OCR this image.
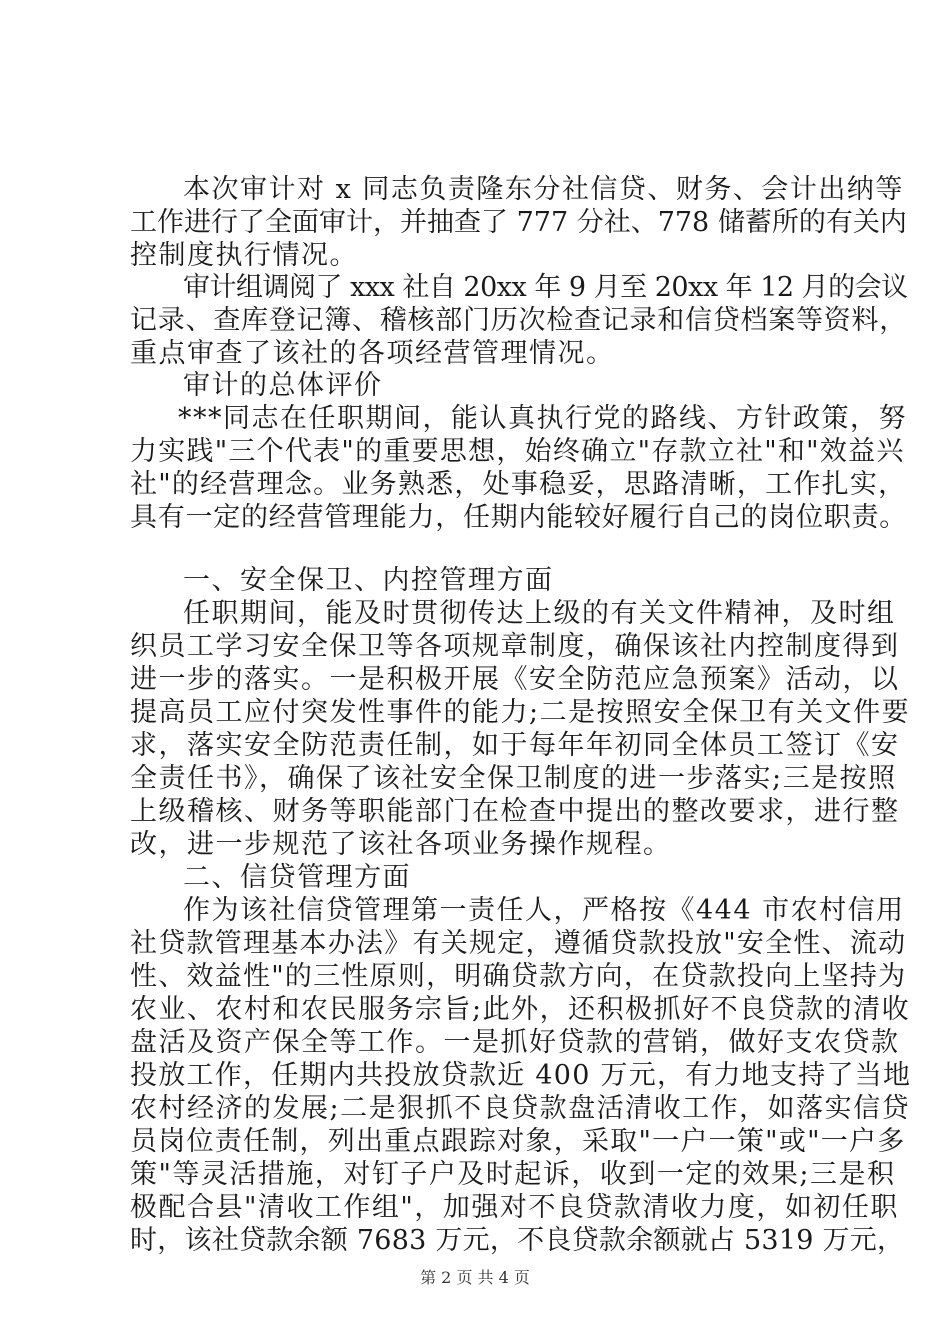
本次审计对 x 同志负责隆东分社信贷、财务、会计出纳等
工作进行了全面审计，并抽查了 777 分社、778 储蓄所的有关内
控制度执行情况。
审计组调阅了 xxx 社自 20xx 年 9 月至 20xx 年 12 月的会议
记录、查库登记簿、稽核部门历次检查记录和信贷档案等资料，
重点审查了该社的各项经营管理情况。
审计的总体评价
***同志在任职期间，能认真执行党的路线、方针政策，努
力实践"三个代表"的重要思想，始终确立"存款立社"和"效益兴
社"的经营理念。业务熟悉，处事稳妥，思路清晰，工作扎实，
具有一定的经营管理能力，任期内能较好履行自己的岗位职责。
一、安全保卫、内控管理方面
任职期间，能及时贯彻传达上级的有关文件精神，及时组
织员工学习安全保卫等各项规章制度，确保该社内控制度得到
进一步的落实。一是积极开展《安全防范应急预案》活动，以
提高员工应付突发性事件的能力;二是按照安全保卫有关文件要
求，落实安全防范责任制，如于每年年初同全体员工签订《安
全责任书》，确保了该社安全保卫制度的进一步落实;三是按照
上级稽核、财务等职能部门在检查中提出的整改要求，进行整
改，进一步规范了该社各项业务操作规程。
二、信贷管理方面
作为该社信贷管理第一责任人，严格按《444 市农村信用
社贷款管理基本办法》有关规定，遵循贷款投放"安全性、流动
性、效益性"的三性原则，明确贷款方向，在贷款投向上坚持为
农业、农村和农民服务宗旨;此外，还积极抓好不良贷款的清收
盘活及资产保全等工作。一是抓好贷款的营销，做好支农贷款
投放工作，任期内共投放贷款近 400 万元，有力地支持了当地
农村经济的发展;二是狠抓不良贷款盘活清收工作，如落实信贷
员岗位责任制，列出重点跟踪对象，采取"一户一策"或"一户多
策"等灵活措施，对钉子户及时起诉，收到一定的效果;三是积
极配合县"清收工作组"，加强对不良贷款清收力度，如初任职
时，该社贷款余额 7683 万元，不良贷款余额就占 5319 万元，
第 2 页 共 4 页
